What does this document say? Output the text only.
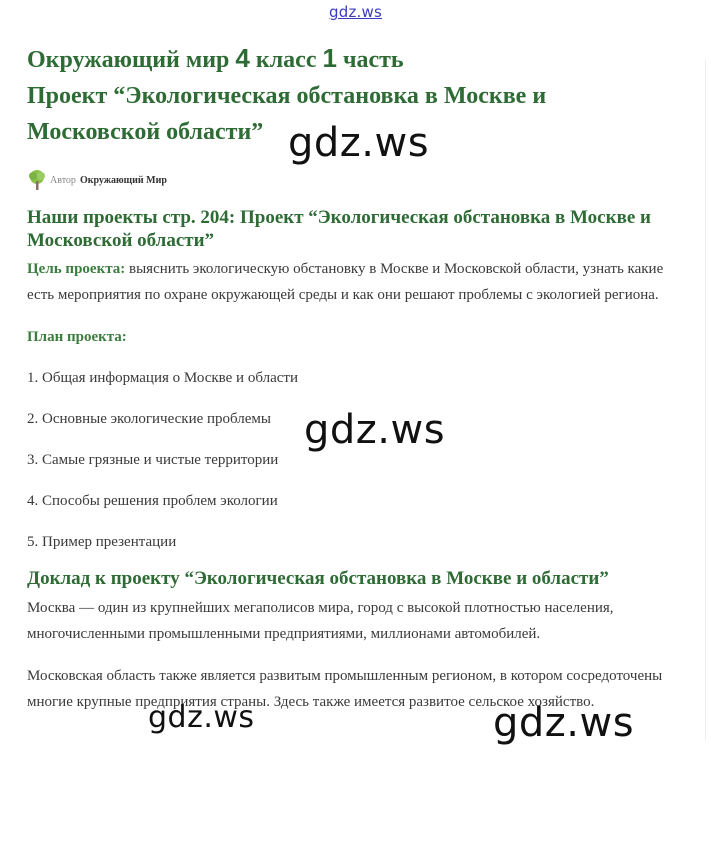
gdz.ws
Окружающий мир 4 класс 1 часть
Проект “Экологическая обстановка в Москве и Московской области”
Автор Окружающий Мир
Наши проекты стр. 204: Проект “Экологическая обстановка в Москве и Московской области”

Цель проекта: выяснить экологическую обстановку в Москве и Московской области, узнать какие есть мероприятия по охране окружающей среды и как они решают проблемы с экологией региона.

План проекта:

1. Общая информация о Москве и области

2. Основные экологические проблемы

3. Самые грязные и чистые территории

4. Способы решения проблем экологии

5. Пример презентации

Доклад к проекту “Экологическая обстановка в Москве и области”

Москва — один из крупнейших мегаполисов мира, город с высокой плотностью населения, многочисленными промышленными предприятиями, миллионами автомобилей.

Московская область также является развитым промышленным регионом, в котором сосредоточены многие крупные предприятия страны. Здесь также имеется развитое сельское хозяйство.

gdz.ws
gdz.ws
gdz.ws	gdz.ws
